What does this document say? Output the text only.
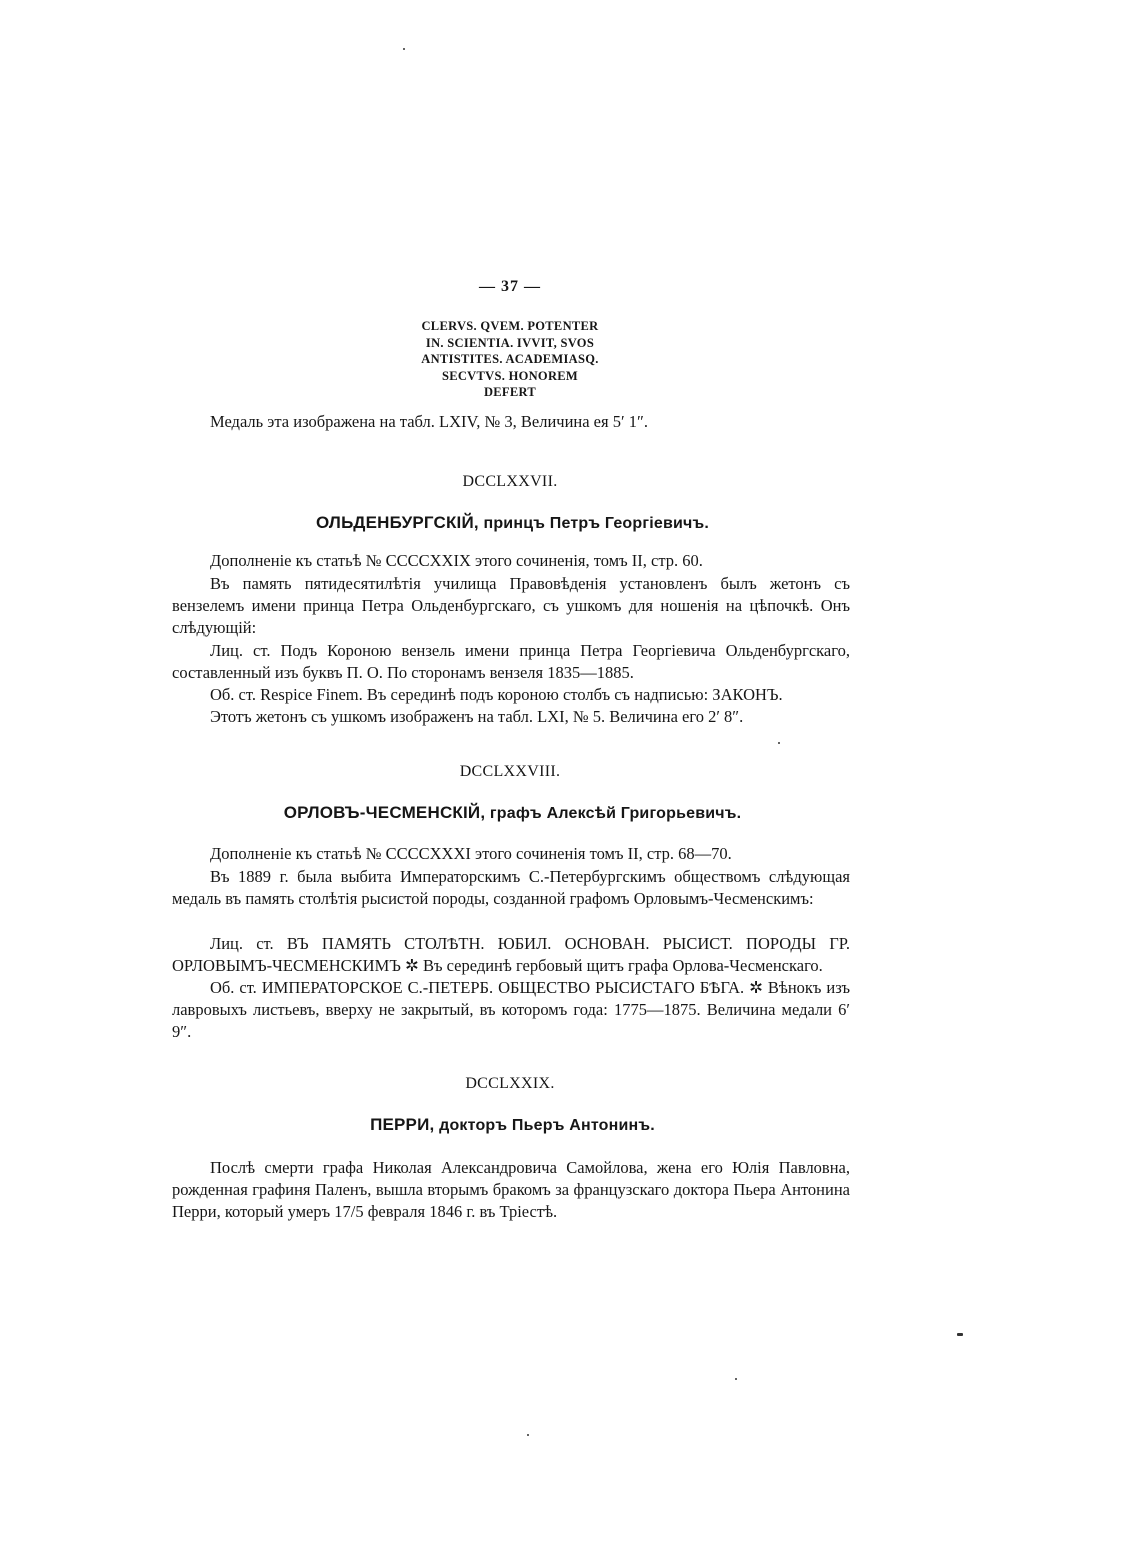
— 37 —
CLERVS. QVEM. POTENTER
IN. SCIENTIA. IVVIT, SVOS
ANTISTITES. ACADEMIASQ.
SECVTVS. HONOREM
DEFERT
Медаль эта изображена на табл. LXIV, № 3, Величина ея 5′ 1″.
DCCLXXVII.
ОЛЬДЕНБУРГСКІЙ, принцъ Петръ Георгіевичъ.
Дополненіе къ статьѣ № CCCCXXIX этого сочиненія, томъ II, стр. 60.
Въ память пятидесятилѣтія училища Правовѣденія установленъ былъ жетонъ съ вензелемъ имени принца Петра Ольденбургскаго, съ ушкомъ для ношенія на цѣпочкѣ. Онъ слѣдующій:
Лиц. ст. Подъ Короною вензель имени принца Петра Георгіевича Ольденбургскаго, составленный изъ буквъ П. О. По сторонамъ вензеля 1835—1885.
Об. ст. Respice Finem. Въ серединѣ подъ короною столбъ съ надписью: ЗАКОНЪ.
Этотъ жетонъ съ ушкомъ изображенъ на табл. LXI, № 5. Величина его 2′ 8″.
DCCLXXVIII.
ОРЛОВЪ-ЧЕСМЕНСКІЙ, графъ Алексѣй Григорьевичъ.
Дополненіе къ статьѣ № CCCCXXXI этого сочиненія томъ II, стр. 68—70.
Въ 1889 г. была выбита Императорскимъ С.-Петербургскимъ обществомъ слѣдующая медаль въ память столѣтія рысистой породы, созданной графомъ Орловымъ-Чесменскимъ:
Лиц. ст. ВЪ ПАМЯТЬ СТОЛѢТН. ЮБИЛ. ОСНОВАН. РЫСИСТ. ПОРОДЫ ГР. ОРЛОВЫМЪ-ЧЕСМЕНСКИМЪ ✲ Въ серединѣ гербовый щитъ графа Орлова-Чесменскаго.
Об. ст. ИМПЕРАТОРСКОЕ С.-ПЕТЕРБ. ОБЩЕСТВО РЫСИСТАГО БѢГА. ✲ Вѣнокъ изъ лавровыхъ листьевъ, вверху не закрытый, въ которомъ года: 1775—1875. Величина медали 6′ 9″.
DCCLXXIX.
ПЕРРИ, докторъ Пьеръ Антонинъ.
Послѣ смерти графа Николая Александровича Самойлова, жена его Юлія Павловна, рожденная графиня Паленъ, вышла вторымъ бракомъ за французскаго доктора Пьера Антонина Перри, который умеръ 17/5 февраля 1846 г. въ Тріестѣ.
